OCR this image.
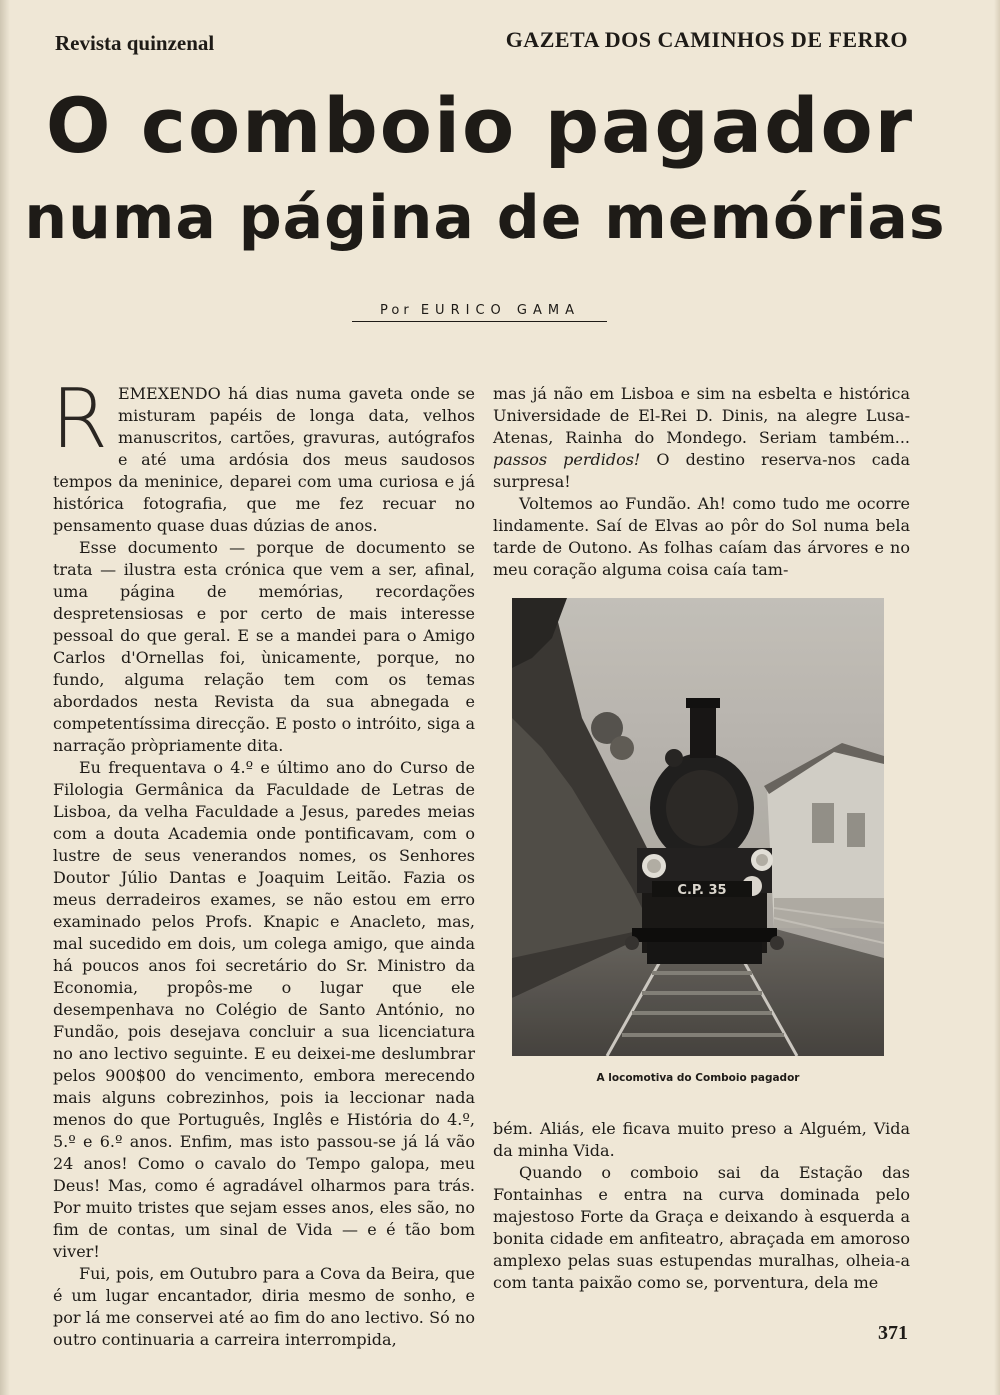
Revista quinzenal	GAZETA DOS CAMINHOS DE FERRO
O comboio pagador
numa página de memórias
Por EURICO GAMA

REMEXENDO há dias numa gaveta onde se misturam papéis de longa data, velhos manuscritos, cartões, gravuras, autógrafos e até uma ardósia dos meus saudosos tempos da meninice, deparei com uma curiosa e já histórica fotografia, que me fez recuar no pensamento quase duas dúzias de anos.

Esse documento — porque de documento se trata — ilustra esta crónica que vem a ser, afinal, uma página de memórias, recordações despretensiosas e por certo de mais interesse pessoal do que geral. E se a mandei para o Amigo Carlos d'Ornellas foi, ùnicamente, porque, no fundo, alguma relação tem com os temas abordados nesta Revista da sua abnegada e competentíssima direcção. E posto o intróito, siga a narração pròpriamente dita.

Eu frequentava o 4.º e último ano do Curso de Filologia Germânica da Faculdade de Letras de Lisboa, da velha Faculdade a Jesus, paredes meias com a douta Academia onde pontificavam, com o lustre de seus venerandos nomes, os Senhores Doutor Júlio Dantas e Joaquim Leitão. Fazia os meus derradeiros exames, se não estou em erro examinado pelos Profs. Knapic e Anacleto, mas, mal sucedido em dois, um colega amigo, que ainda há poucos anos foi secretário do Sr. Ministro da Economia, propôs-me o lugar que ele desempenhava no Colégio de Santo António, no Fundão, pois desejava concluir a sua licenciatura no ano lectivo seguinte. E eu deixei-me deslumbrar pelos 900$00 do vencimento, embora merecendo mais alguns cobrezinhos, pois ia leccionar nada menos do que Português, Inglês e História do 4.º, 5.º e 6.º anos. Enfim, mas isto passou-se já lá vão 24 anos! Como o cavalo do Tempo galopa, meu Deus! Mas, como é agradável olharmos para trás. Por muito tristes que sejam esses anos, eles são, no fim de contas, um sinal de Vida — e é tão bom viver!

Fui, pois, em Outubro para a Cova da Beira, que é um lugar encantador, diria mesmo de sonho, e por lá me conservei até ao fim do ano lectivo. Só no outro continuaria a carreira interrompida,

mas já não em Lisboa e sim na esbelta e histórica Universidade de El-Rei D. Dinis, na alegre Lusa-Atenas, Rainha do Mondego. Seriam também... passos perdidos! O destino reserva-nos cada surpresa!

Voltemos ao Fundão. Ah! como tudo me ocorre lindamente. Saí de Elvas ao pôr do Sol numa bela tarde de Outono. As folhas caíam das árvores e no meu coração alguma coisa caía tam-

C.P. 35
A locomotiva do Comboio pagador

bém. Aliás, ele ficava muito preso a Alguém, Vida da minha Vida.

Quando o comboio sai da Estação das Fontainhas e entra na curva dominada pelo majestoso Forte da Graça e deixando à esquerda a bonita cidade em anfiteatro, abraçada em amoroso amplexo pelas suas estupendas muralhas, olheia-a com tanta paixão como se, porventura, dela me

371
